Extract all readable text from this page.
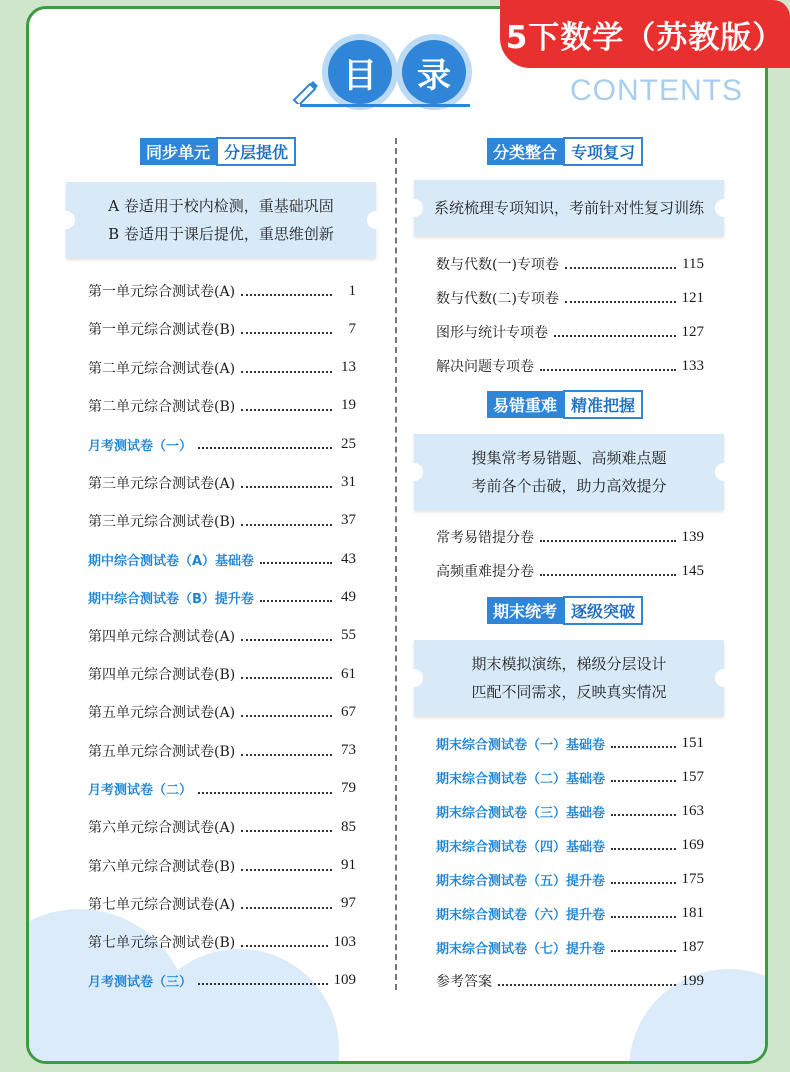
5下数学（苏教版）
目	录	CONTENTS
同步单元 分层提优
A 卷适用于校内检测，重基础巩固
B 卷适用于课后提优，重思维创新
第一单元综合测试卷(A)	1
第一单元综合测试卷(B)	7
第二单元综合测试卷(A)	13
第二单元综合测试卷(B)	19
月考测试卷（一）	25
第三单元综合测试卷(A)	31
第三单元综合测试卷(B)	37
期中综合测试卷（A）基础卷	43
期中综合测试卷（B）提升卷	49
第四单元综合测试卷(A)	55
第四单元综合测试卷(B)	61
第五单元综合测试卷(A)	67
第五单元综合测试卷(B)	73
月考测试卷（二）	79
第六单元综合测试卷(A)	85
第六单元综合测试卷(B)	91
第七单元综合测试卷(A)	97
第七单元综合测试卷(B)	103
月考测试卷（三）	109
分类整合 专项复习
系统梳理专项知识，考前针对性复习训练
易错重难 精准把握
搜集常考易错题、高频难点题
考前各个击破，助力高效提分
期末统考 逐级突破
期末模拟演练，梯级分层设计
匹配不同需求，反映真实情况
数与代数(一)专项卷	115
数与代数(二)专项卷	121
图形与统计专项卷	127
解决问题专项卷	133
常考易错提分卷	139
高频重难提分卷	145
期末综合测试卷（一）基础卷	151
期末综合测试卷（二）基础卷	157
期末综合测试卷（三）基础卷	163
期末综合测试卷（四）基础卷	169
期末综合测试卷（五）提升卷	175
期末综合测试卷（六）提升卷	181
期末综合测试卷（七）提升卷	187
参考答案	199
